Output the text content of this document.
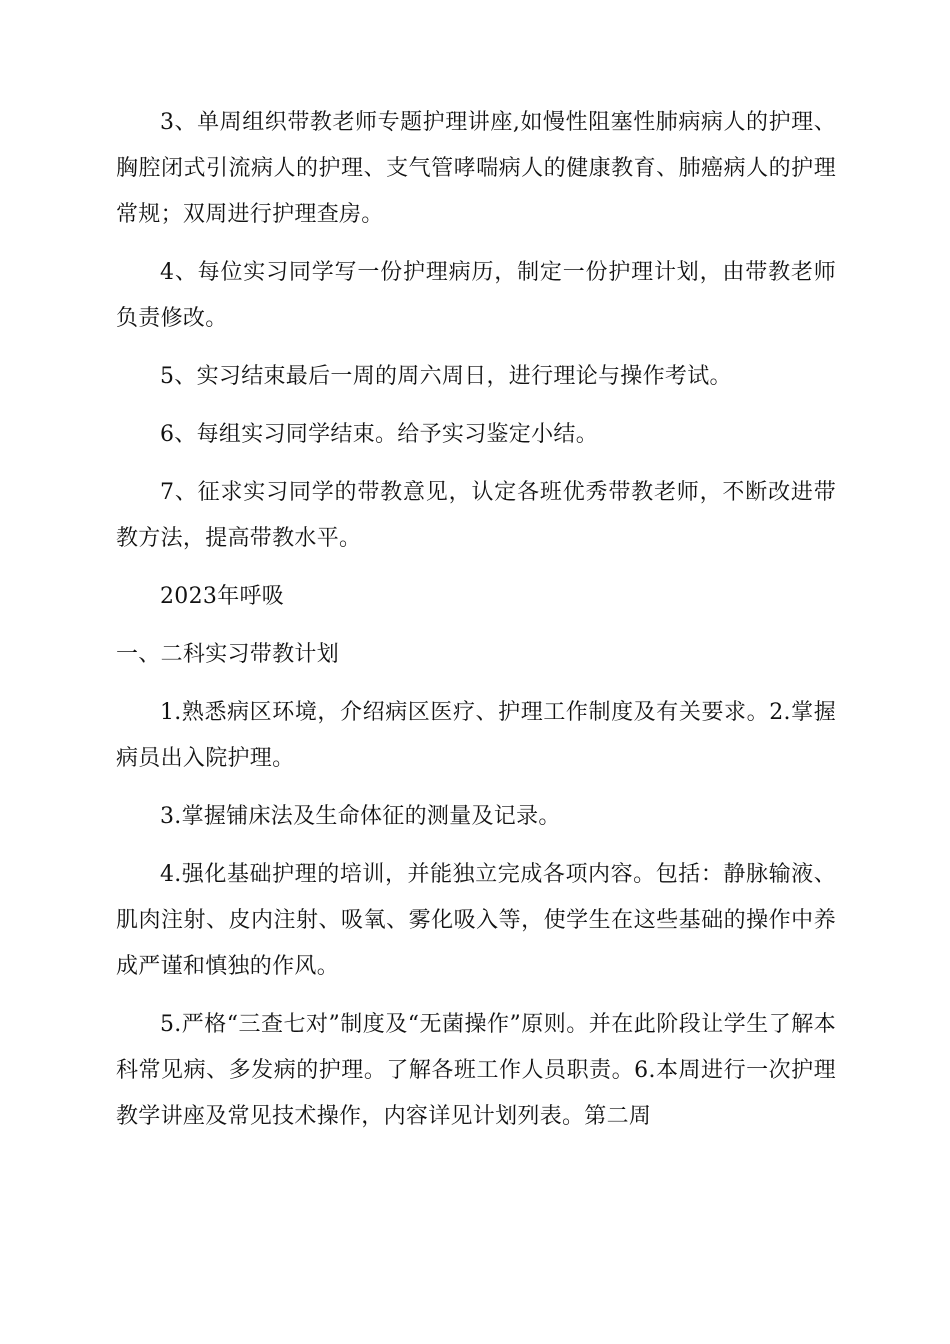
3、单周组织带教老师专题护理讲座,如慢性阻塞性肺病病人的护理、胸腔闭式引流病人的护理、支气管哮喘病人的健康教育、肺癌病人的护理常规；双周进行护理查房。

4、每位实习同学写一份护理病历，制定一份护理计划，由带教老师负责修改。

5、实习结束最后一周的周六周日，进行理论与操作考试。

6、每组实习同学结束。给予实习鉴定小结。

7、征求实习同学的带教意见，认定各班优秀带教老师，不断改进带教方法，提高带教水平。

2023年呼吸

一、二科实习带教计划

1.熟悉病区环境，介绍病区医疗、护理工作制度及有关要求。2.掌握病员出入院护理。

3.掌握铺床法及生命体征的测量及记录。

4.强化基础护理的培训，并能独立完成各项内容。包括：静脉输液、肌肉注射、皮内注射、吸氧、雾化吸入等，使学生在这些基础的操作中养成严谨和慎独的作风。

5.严格“三查七对”制度及“无菌操作”原则。并在此阶段让学生了解本科常见病、多发病的护理。了解各班工作人员职责。6.本周进行一次护理教学讲座及常见技术操作，内容详见计划列表。第二周
